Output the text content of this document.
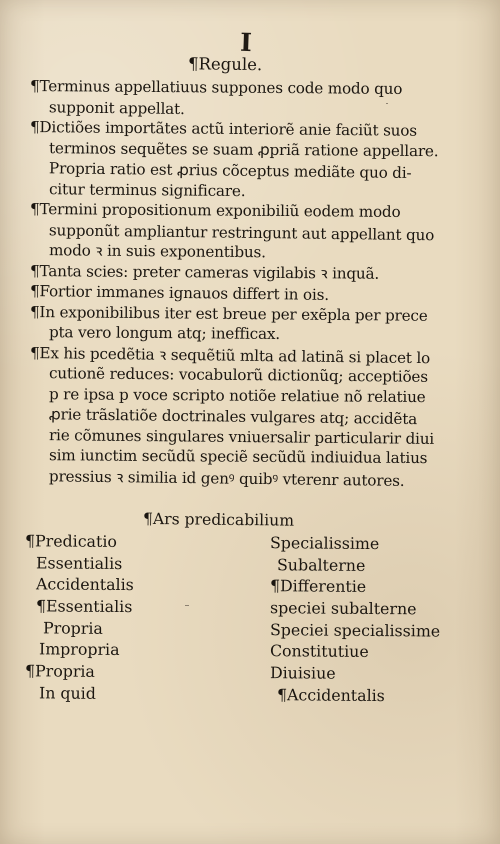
I
¶Regule.
¶Terminus appellatiuus suppones code modo quo
supponit appellat.
¶Dictiões importãtes actũ interiorẽ anie faciũt suos
terminos sequẽtes se suam ꝓpriã ratione appellare.
Propria ratio est ꝓrius cõceptus mediãte quo di-
citur terminus significare.
¶Termini propositionum exponibiliũ eodem modo
supponũt ampliantur restringunt aut appellant quo
modo ꝛ in suis exponentibus.
¶Tanta scies: preter cameras vigilabis ꝛ inquã.
¶Fortior immanes ignauos differt in ois.
¶In exponibilibus iter est breue per exẽpla per prece
pta vero longum atq; inefficax.
¶Ex his pcedẽtia ꝛ sequẽtiũ mlta ad latinã si placet lo
cutionẽ reduces: vocabulorũ dictionũq; acceptiões
p re ipsa p voce scripto notiõe relatiue nõ relatiue
ꝓrie trãslatiõe doctrinales vulgares atq; accidẽta
rie cõmunes singulares vniuersalir particularir diui
sim iunctim secũdũ speciẽ secũdũ indiuidua latius
pressius ꝛ similia id genꝰ quibꝰ vterenr autores.
¶Ars predicabilium
¶Predicatio
Essentialis
Accidentalis
¶Essentialis
Propria
Impropria
¶Propria
In quid
Specialissime
Subalterne
¶Differentie
speciei subalterne
Speciei specialissime
Constitutiue
Diuisiue
¶Accidentalis
